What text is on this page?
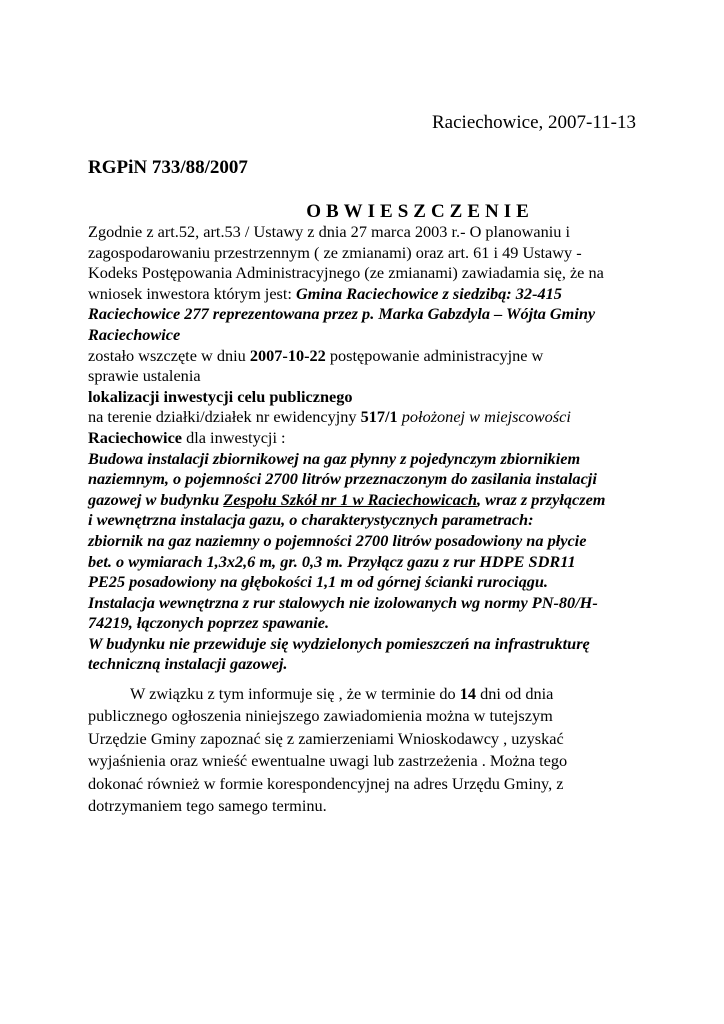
Raciechowice, 2007-11-13
RGPiN 733/88/2007
OBWIESZCZENIE
Zgodnie z art.52, art.53 / Ustawy z dnia 27 marca 2003 r.- O planowaniu i
zagospodarowaniu przestrzennym ( ze zmianami) oraz art. 61 i 49 Ustawy -
Kodeks Postępowania Administracyjnego (ze zmianami) zawiadamia się, że na
wniosek inwestora którym jest: Gmina Raciechowice z siedzibą: 32-415
Raciechowice 277 reprezentowana przez p. Marka Gabzdyla – Wójta Gminy
Raciechowice
zostało wszczęte w dniu 2007-10-22 postępowanie administracyjne w
sprawie ustalenia
lokalizacji inwestycji celu publicznego
na terenie działki/działek nr ewidencyjny 517/1 położonej w miejscowości
Raciechowice dla inwestycji :
Budowa instalacji zbiornikowej na gaz płynny z pojedynczym zbiornikiem
naziemnym, o pojemności 2700 litrów przeznaczonym do zasilania instalacji
gazowej w budynku Zespołu Szkół nr 1 w Raciechowicach, wraz z przyłączem
i wewnętrzna instalacja gazu, o charakterystycznych parametrach:
zbiornik na gaz naziemny o pojemności 2700 litrów posadowiony na płycie
bet. o wymiarach 1,3x2,6 m, gr. 0,3 m. Przyłącz gazu z rur HDPE SDR11
PE25 posadowiony na głębokości 1,1 m od górnej ścianki rurociągu.
Instalacja wewnętrzna z rur stalowych nie izolowanych wg normy PN-80/H-
74219, łączonych poprzez spawanie.
W budynku nie przewiduje się wydzielonych pomieszczeń na infrastrukturę
techniczną instalacji gazowej.
W związku z tym informuje się , że w terminie do 14 dni od dnia
publicznego ogłoszenia niniejszego zawiadomienia można w tutejszym
Urzędzie Gminy zapoznać się z zamierzeniami Wnioskodawcy , uzyskać
wyjaśnienia oraz wnieść ewentualne uwagi lub zastrzeżenia . Można tego
dokonać również w formie korespondencyjnej na adres Urzędu Gminy, z
dotrzymaniem tego samego terminu.
